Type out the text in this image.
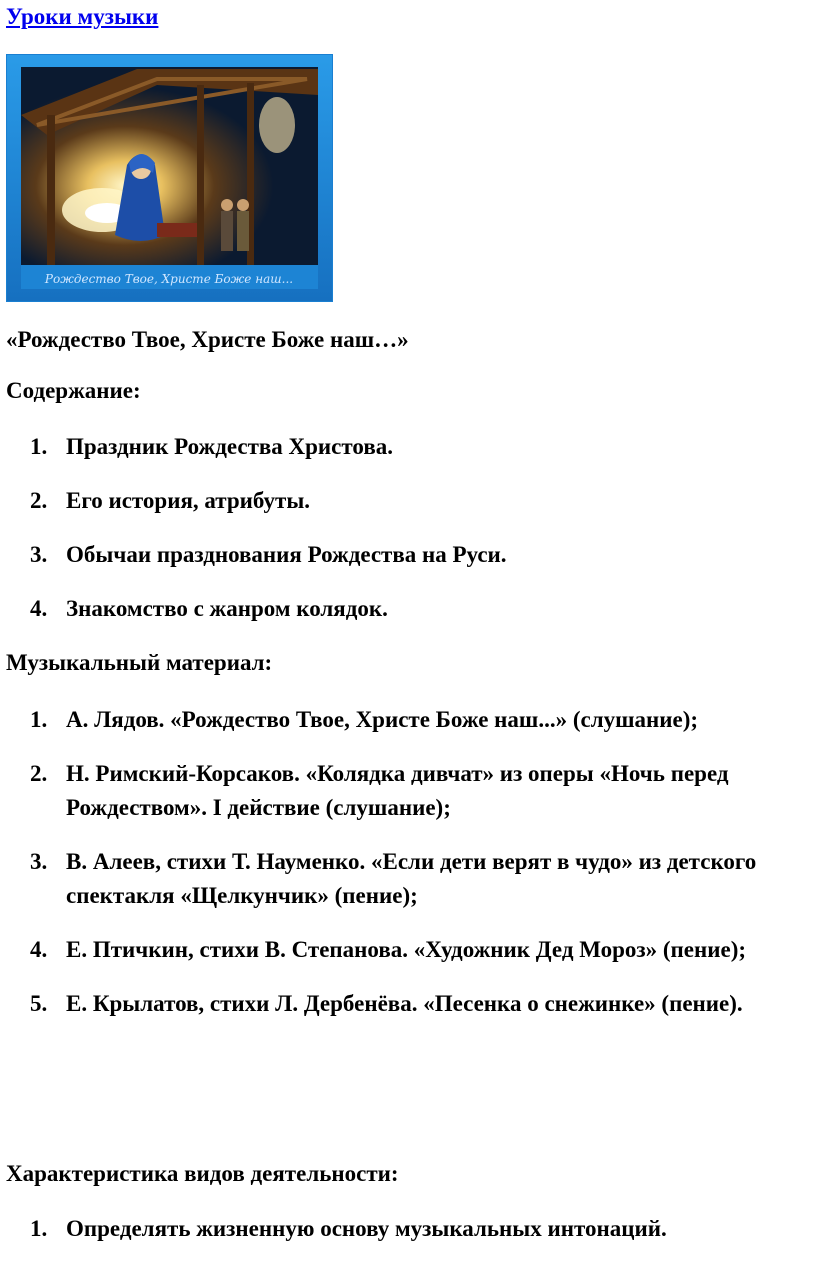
Уроки музыки
Рождество Твое, Христе Боже наш...
«Рождество Твое, Христе Боже наш…»
Содержание:
1. Праздник Рождества Христова.
2. Его история, атрибуты.
3. Обычаи празднования Рождества на Руси.
4. Знакомство с жанром колядок.
Музыкальный материал:
1. А. Лядов. «Рождество Твое, Христе Боже наш...» (слушание);
2. Н. Римский-Корсаков. «Колядка дивчат» из оперы «Ночь перед Рождеством». I действие (слушание);
3. В. Алеев, стихи Т. Науменко. «Если дети верят в чудо» из детского спектакля «Щелкунчик» (пение);
4. Е. Птичкин, стихи В. Степанова. «Художник Дед Мороз» (пение);
5. Е. Крылатов, стихи Л. Дербенёва. «Песенка о снежинке» (пение).
Характеристика видов деятельности:
1. Определять жизненную основу музыкальных интонаций.
